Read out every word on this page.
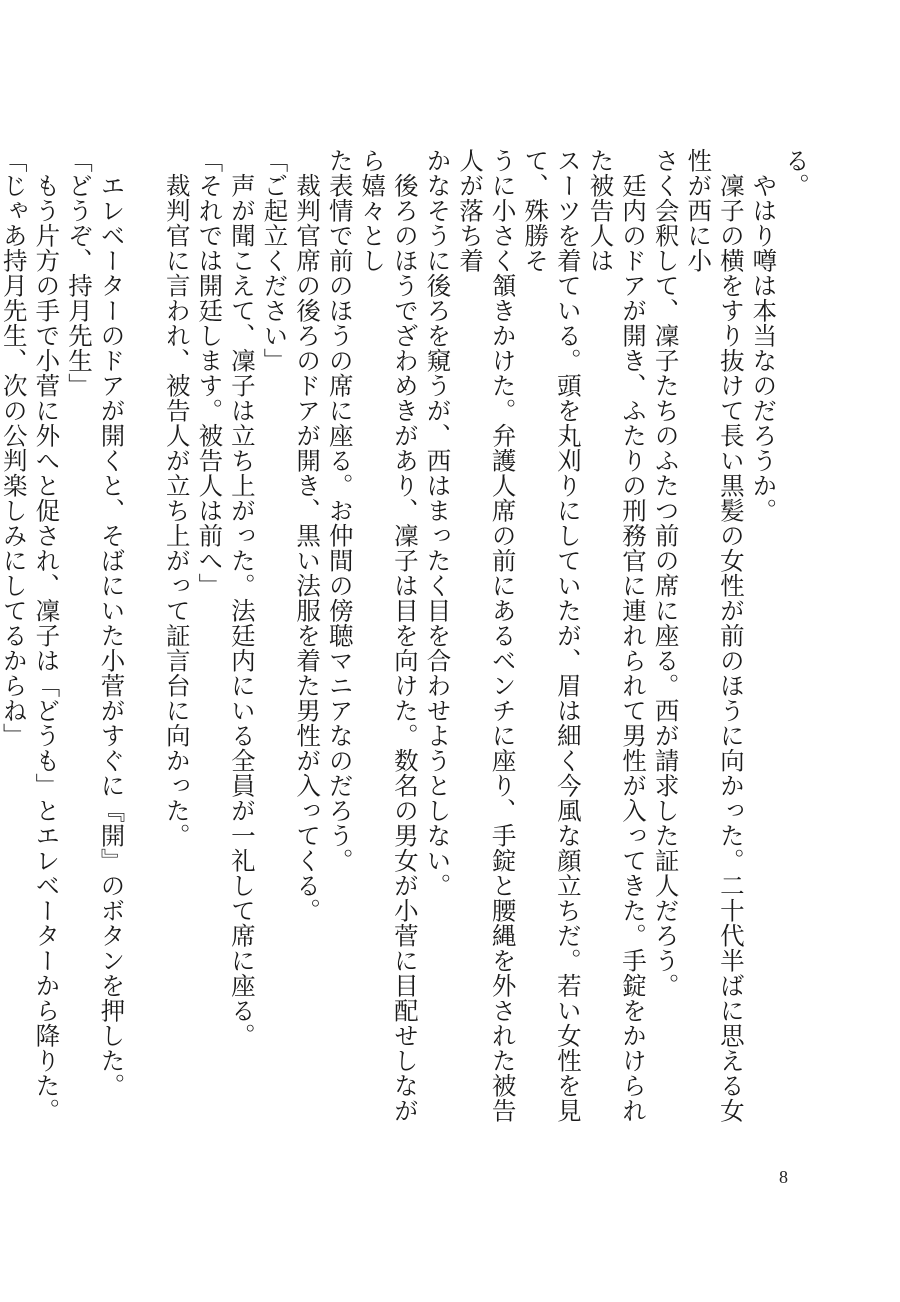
る。
　やはり噂は本当なのだろうか。
　凜子の横をすり抜けて長い黒髪の女性が前のほうに向かった。二十代半ばに思える女性が西に小
さく会釈して、凜子たちのふたつ前の席に座る。西が請求した証人だろう。
　廷内のドアが開き、ふたりの刑務官に連れられて男性が入ってきた。手錠をかけられた被告人は
スーツを着ている。頭を丸刈りにしていたが、眉は細く今風な顔立ちだ。若い女性を見て、殊勝そ
うに小さく頷きかけた。弁護人席の前にあるベンチに座り、手錠と腰縄を外された被告人が落ち着
かなそうに後ろを窺うが、西はまったく目を合わせようとしない。
　後ろのほうでざわめきがあり、凜子は目を向けた。数名の男女が小菅に目配せしながら嬉々とし
た表情で前のほうの席に座る。お仲間の傍聴マニアなのだろう。
　裁判官席の後ろのドアが開き、黒い法服を着た男性が入ってくる。
「ご起立ください」
　声が聞こえて、凜子は立ち上がった。法廷内にいる全員が一礼して席に座る。
「それでは開廷します。被告人は前へ」
　裁判官に言われ、被告人が立ち上がって証言台に向かった。
　エレベーターのドアが開くと、そばにいた小菅がすぐに『開』のボタンを押した。
「どうぞ、持月先生」
　もう片方の手で小菅に外へと促され、凜子は「どうも」とエレベーターから降りた。
「じゃあ持月先生、次の公判楽しみにしてるからね」
8
